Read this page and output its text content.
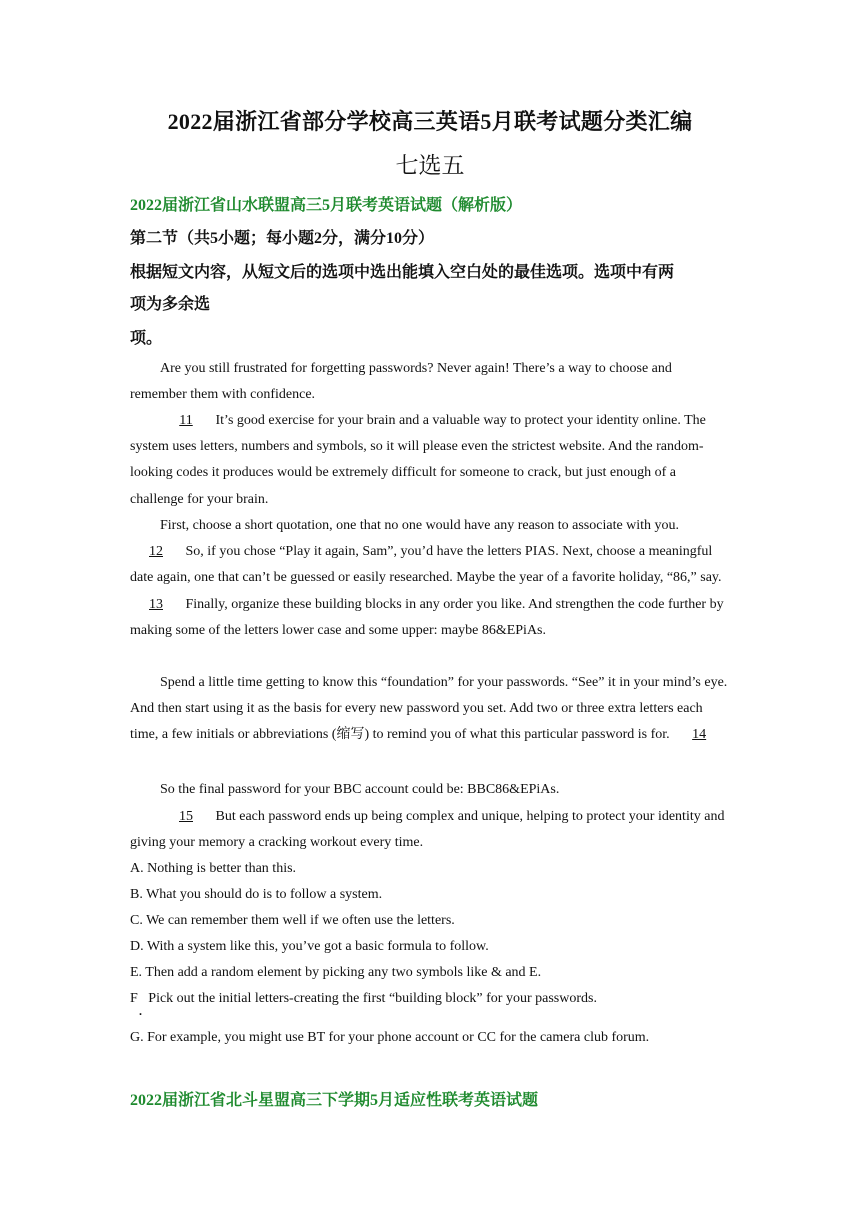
2022届浙江省部分学校高三英语5月联考试题分类汇编
七选五
2022届浙江省山水联盟高三5月联考英语试题（解析版）
第二节（共5小题；每小题2分，满分10分）
根据短文内容，从短文后的选项中选出能填入空白处的最佳选项。选项中有两
项为多余选
项。
Are you still frustrated for forgetting passwords? Never again! There’s a way to choose and remember them with confidence.
11 It’s good exercise for your brain and a valuable way to protect your identity online. The system uses letters, numbers and symbols, so it will please even the strictest website. And the random-looking codes it produces would be extremely difficult for someone to crack, but just enough of a challenge for your brain.
First, choose a short quotation, one that no one would have any reason to associate with you. 12 So, if you chose “Play it again, Sam”, you’d have the letters PIAS. Next, choose a meaningful date again, one that can’t be guessed or easily researched. Maybe the year of a favorite holiday, “86,” say. 13 Finally, organize these building blocks in any order you like. And strengthen the code further by making some of the letters lower case and some upper: maybe 86&EPiAs.
Spend a little time getting to know this “foundation” for your passwords. “See” it in your mind’s eye. And then start using it as the basis for every new password you set. Add two or three extra letters each time, a few initials or abbreviations (缩写) to remind you of what this particular password is for. 14
So the final password for your BBC account could be: BBC86&EPiAs.
15 But each password ends up being complex and unique, helping to protect your identity and giving your memory a cracking workout every time.
A. Nothing is better than this.
B. What you should do is to follow a system.
C. We can remember them well if we often use the letters.
D. With a system like this, you’ve got a basic formula to follow.
E. Then add a random element by picking any two symbols like & and E.
F   Pick out the initial letters-creating the first “building block” for your passwords.
.
G. For example, you might use BT for your phone account or CC for the camera club forum.
2022届浙江省北斗星盟高三下学期5月适应性联考英语试题
